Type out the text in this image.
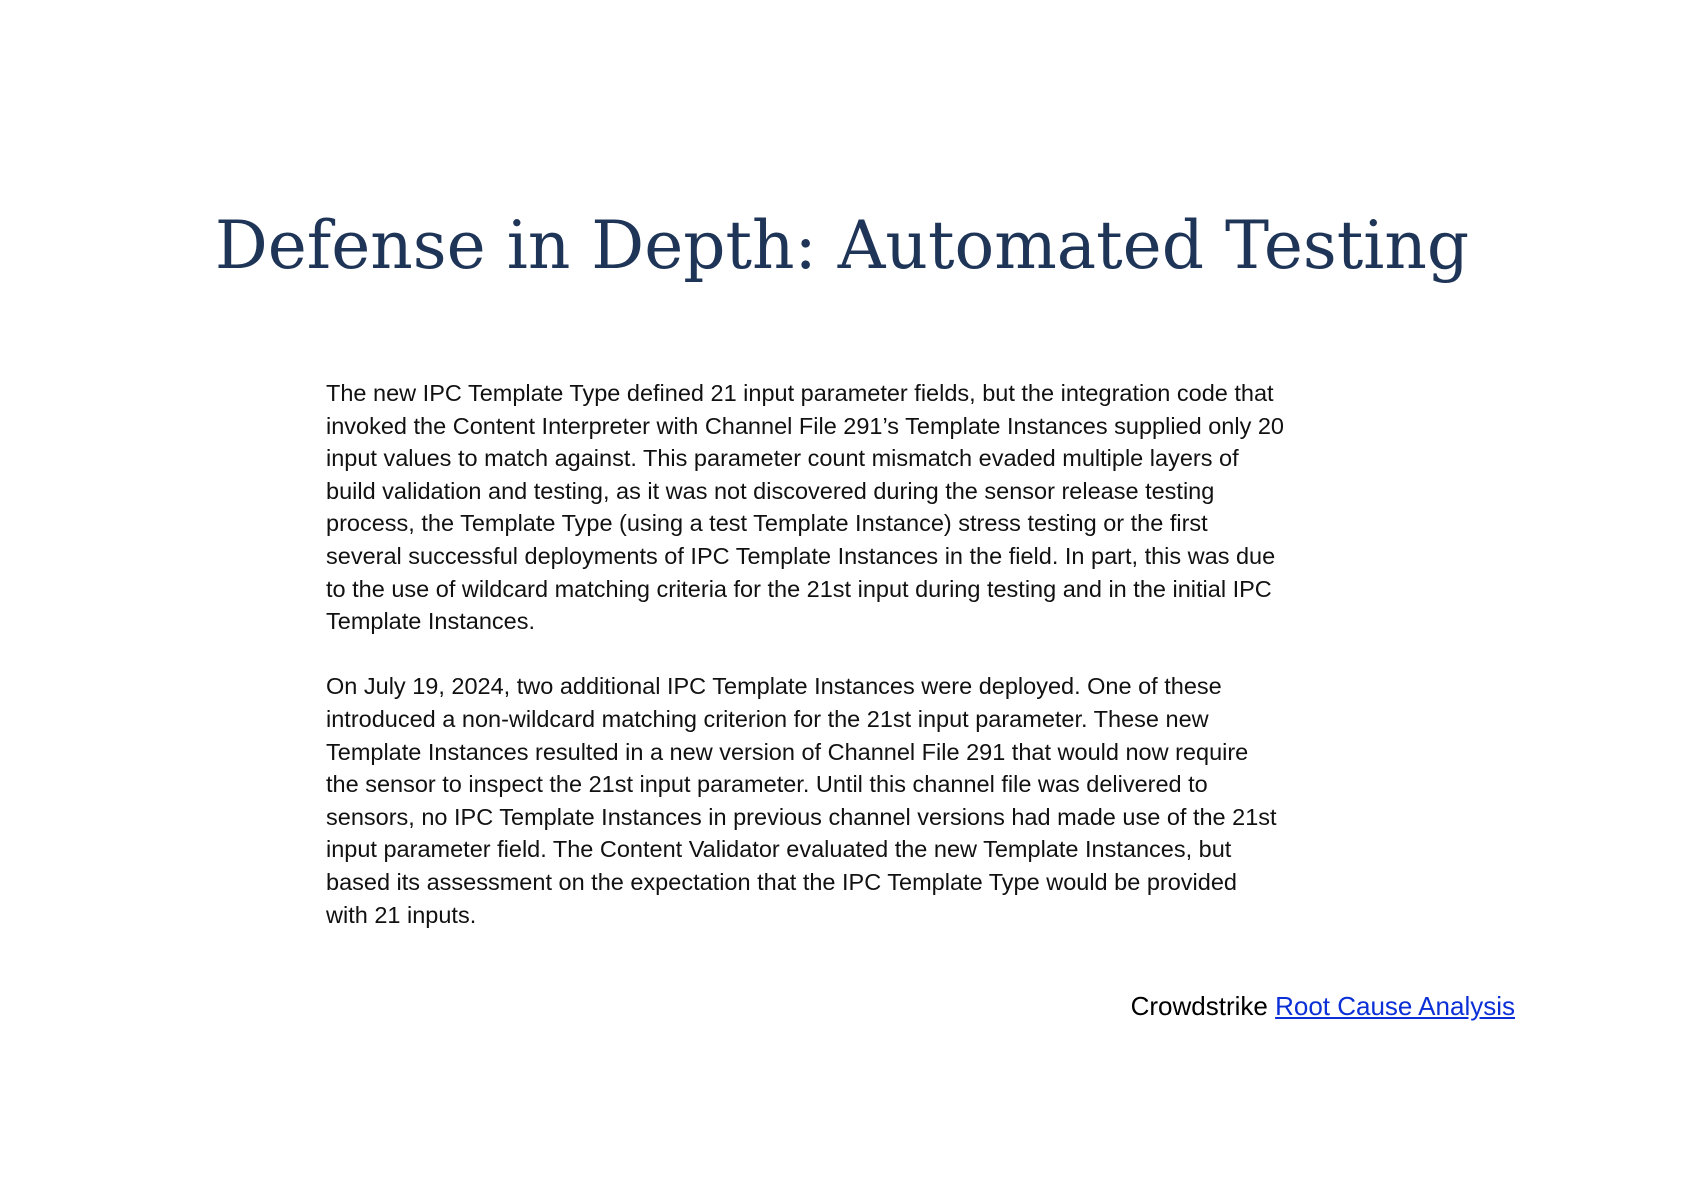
Defense in Depth: Automated Testing

The new IPC Template Type defined 21 input parameter fields, but the integration code that
invoked the Content Interpreter with Channel File 291’s Template Instances supplied only 20
input values to match against. This parameter count mismatch evaded multiple layers of
build validation and testing, as it was not discovered during the sensor release testing
process, the Template Type (using a test Template Instance) stress testing or the first
several successful deployments of IPC Template Instances in the field. In part, this was due
to the use of wildcard matching criteria for the 21st input during testing and in the initial IPC
Template Instances.

On July 19, 2024, two additional IPC Template Instances were deployed. One of these
introduced a non-wildcard matching criterion for the 21st input parameter. These new
Template Instances resulted in a new version of Channel File 291 that would now require
the sensor to inspect the 21st input parameter. Until this channel file was delivered to
sensors, no IPC Template Instances in previous channel versions had made use of the 21st
input parameter field. The Content Validator evaluated the new Template Instances, but
based its assessment on the expectation that the IPC Template Type would be provided
with 21 inputs.

Crowdstrike Root Cause Analysis
